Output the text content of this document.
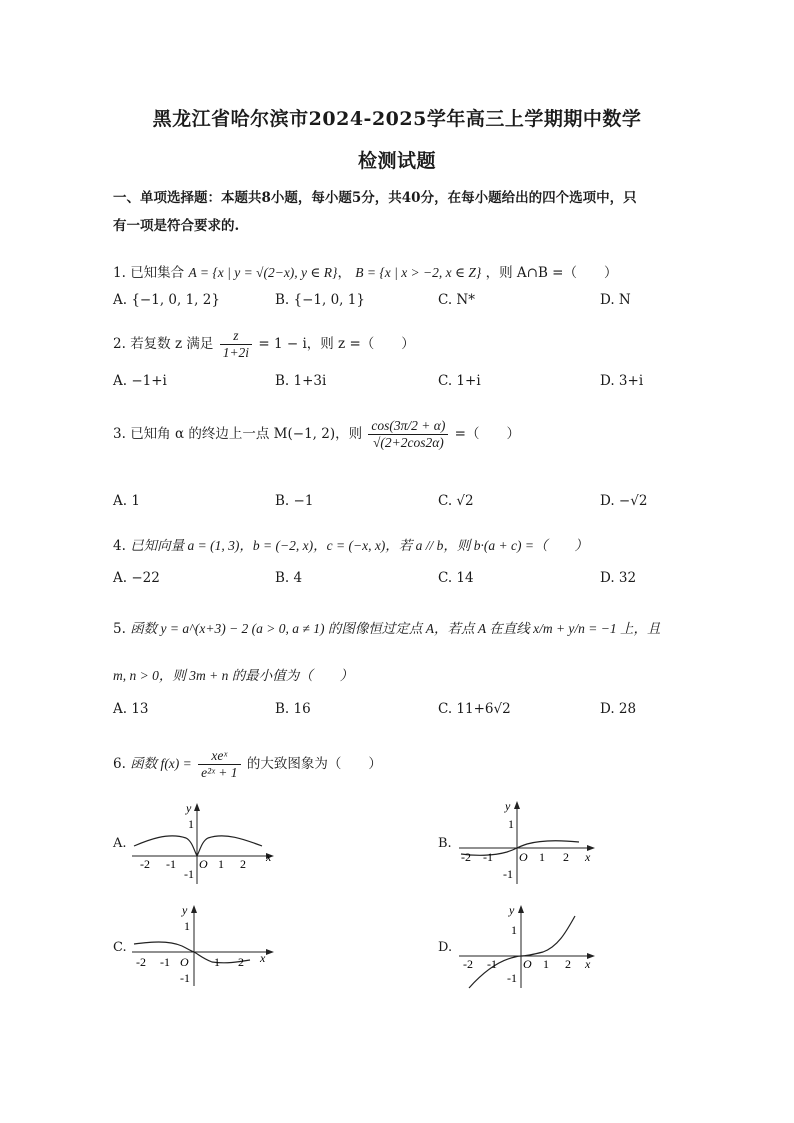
黑龙江省哈尔滨市2024-2025学年高三上学期期中数学
检测试题
一、单项选择题：本题共8小题，每小题5分，共40分，在每小题给出的四个选项中，只
有一项是符合要求的.
1. 已知集合 A = {x | y = √(2−x), y ∈ R}， B = {x | x > −2, x ∈ Z} ，则 A∩B =（　　）
A. {−1, 0, 1, 2}	B. {−1, 0, 1}	C. N*	D. N
2. 若复数 z 满足 $\frac{z}{1+2i} = 1 - i$，则 z =（　　）
A. −1+i	B. 1+3i	C. 1+i	D. 3+i
3. 已知角 α 的终边上一点 M(−1, 2)，则 $\frac{\cos(3\pi/2 + \alpha)}{√(2+2\cos 2\alpha)}$ =（　　）
A. 1	B. −1	C. √2	D. −√2
4. 已知向量 a = (1, 3)，b = (−2, x)，c = (−x, x)，若 a // b，则 b·(a + c) =（　　）
A. −22	B. 4	C. 14	D. 32
5. 函数 y = a^(x+3) − 2 (a > 0, a ≠ 1) 的图像恒过定点 A，若点 A 在直线 x/m + y/n = −1 上，且
m, n > 0，则 3m + n 的最小值为（　　）
A. 13	B. 16	C. 11+6√2	D. 28
6. 函数 $f(x) = \frac{\text{xeˣ}}{\text{e²ˣ + 1}}$ 的大致图象为（　　）
A.	B.
C.	D.
y
x
O
1
-1
-2 -1	1 2
y
x
O
1
-1
-2 -1	1 2
y
x
O
1
-1
-2 -1	1 2
y
x
O
1
-1
-2 -1	1 2
